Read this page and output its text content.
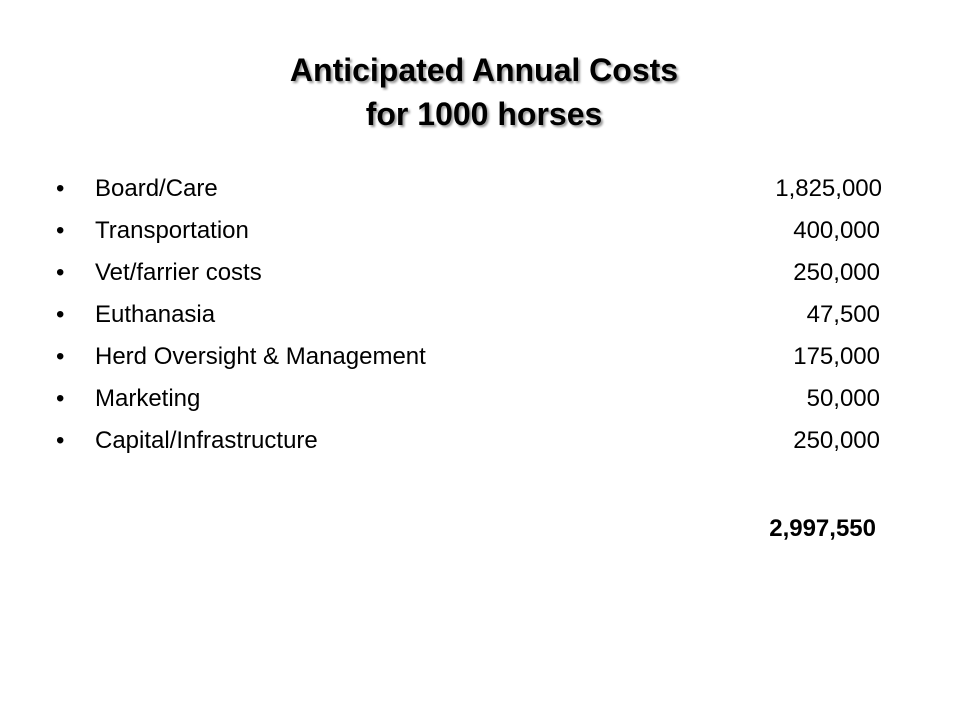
Anticipated Annual Costs
for 1000 horses
•	Board/Care	1,825,000
•	Transportation	400,000
•	Vet/farrier costs	250,000
•	Euthanasia	47,500
•	Herd Oversight & Management	175,000
•	Marketing	50,000
•	Capital/Infrastructure	250,000
2,997,550
